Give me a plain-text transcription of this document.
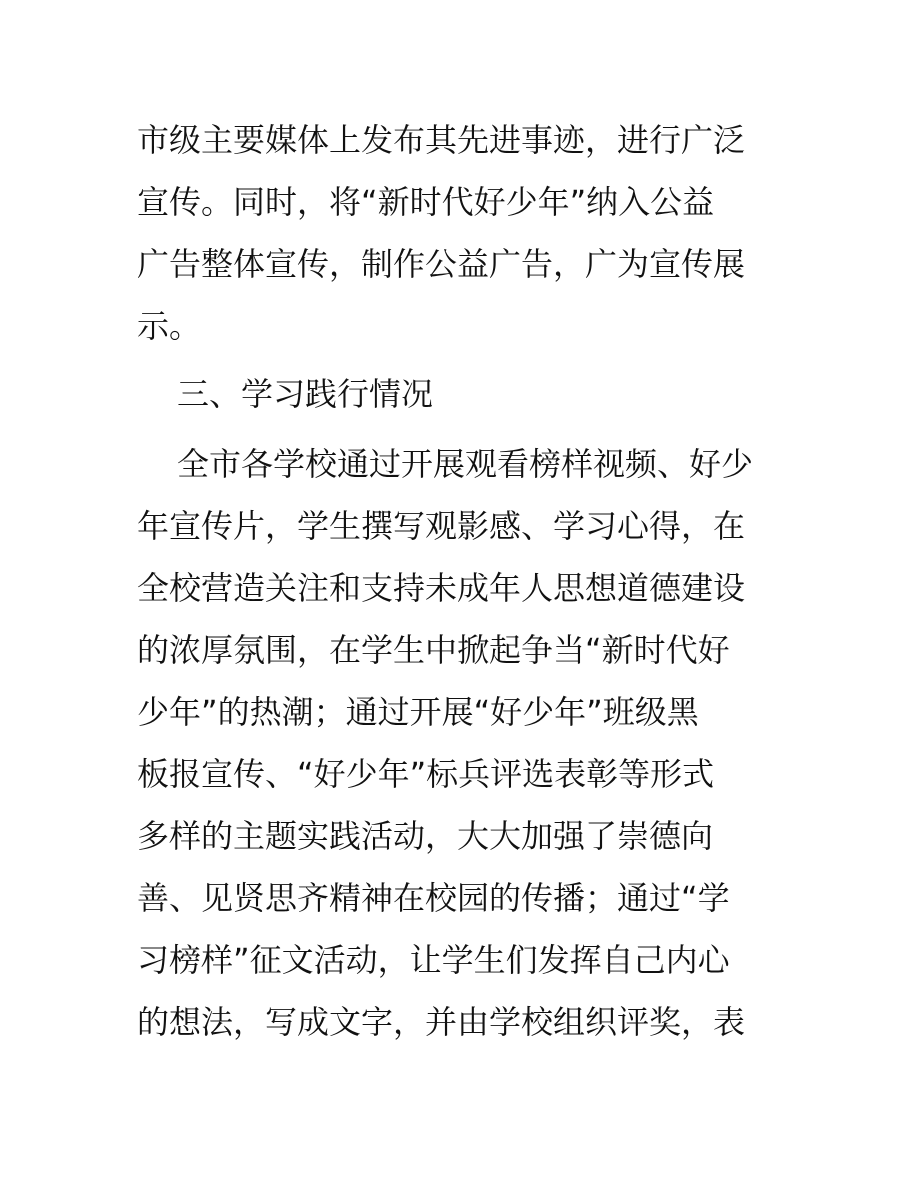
市级主要媒体上发布其先进事迹，进行广泛
宣传。同时，将“新时代好少年”纳入公益
广告整体宣传，制作公益广告，广为宣传展
示。
三、学习践行情况
全市各学校通过开展观看榜样视频、好少
年宣传片，学生撰写观影感、学习心得，在
全校营造关注和支持未成年人思想道德建设
的浓厚氛围，在学生中掀起争当“新时代好
少年”的热潮；通过开展“好少年”班级黑
板报宣传、“好少年”标兵评选表彰等形式
多样的主题实践活动，大大加强了崇德向
善、见贤思齐精神在校园的传播；通过“学
习榜样”征文活动，让学生们发挥自己内心
的想法，写成文字，并由学校组织评奖，表
